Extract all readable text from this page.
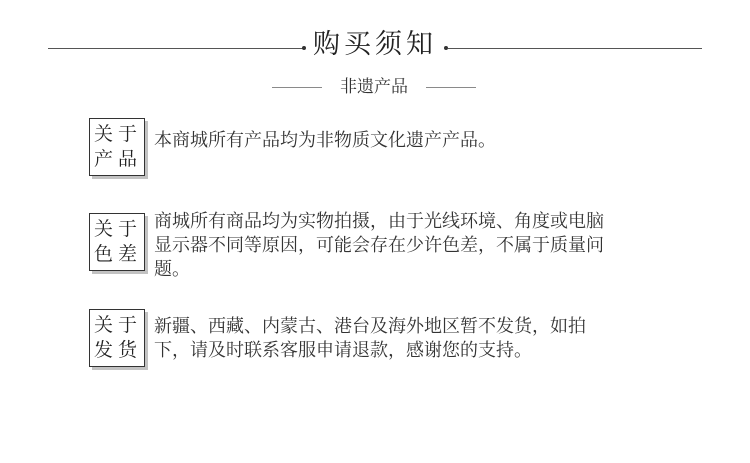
购买须知
非遗产品
关于
产品
本商城所有产品均为非物质文化遗产产品。
关于
色差
商城所有商品均为实物拍摄，由于光线环境、角度或电脑
显示器不同等原因，可能会存在少许色差，不属于质量问
题。
关于
发货
新疆、西藏、内蒙古、港台及海外地区暂不发货，如拍
下，请及时联系客服申请退款，感谢您的支持。
